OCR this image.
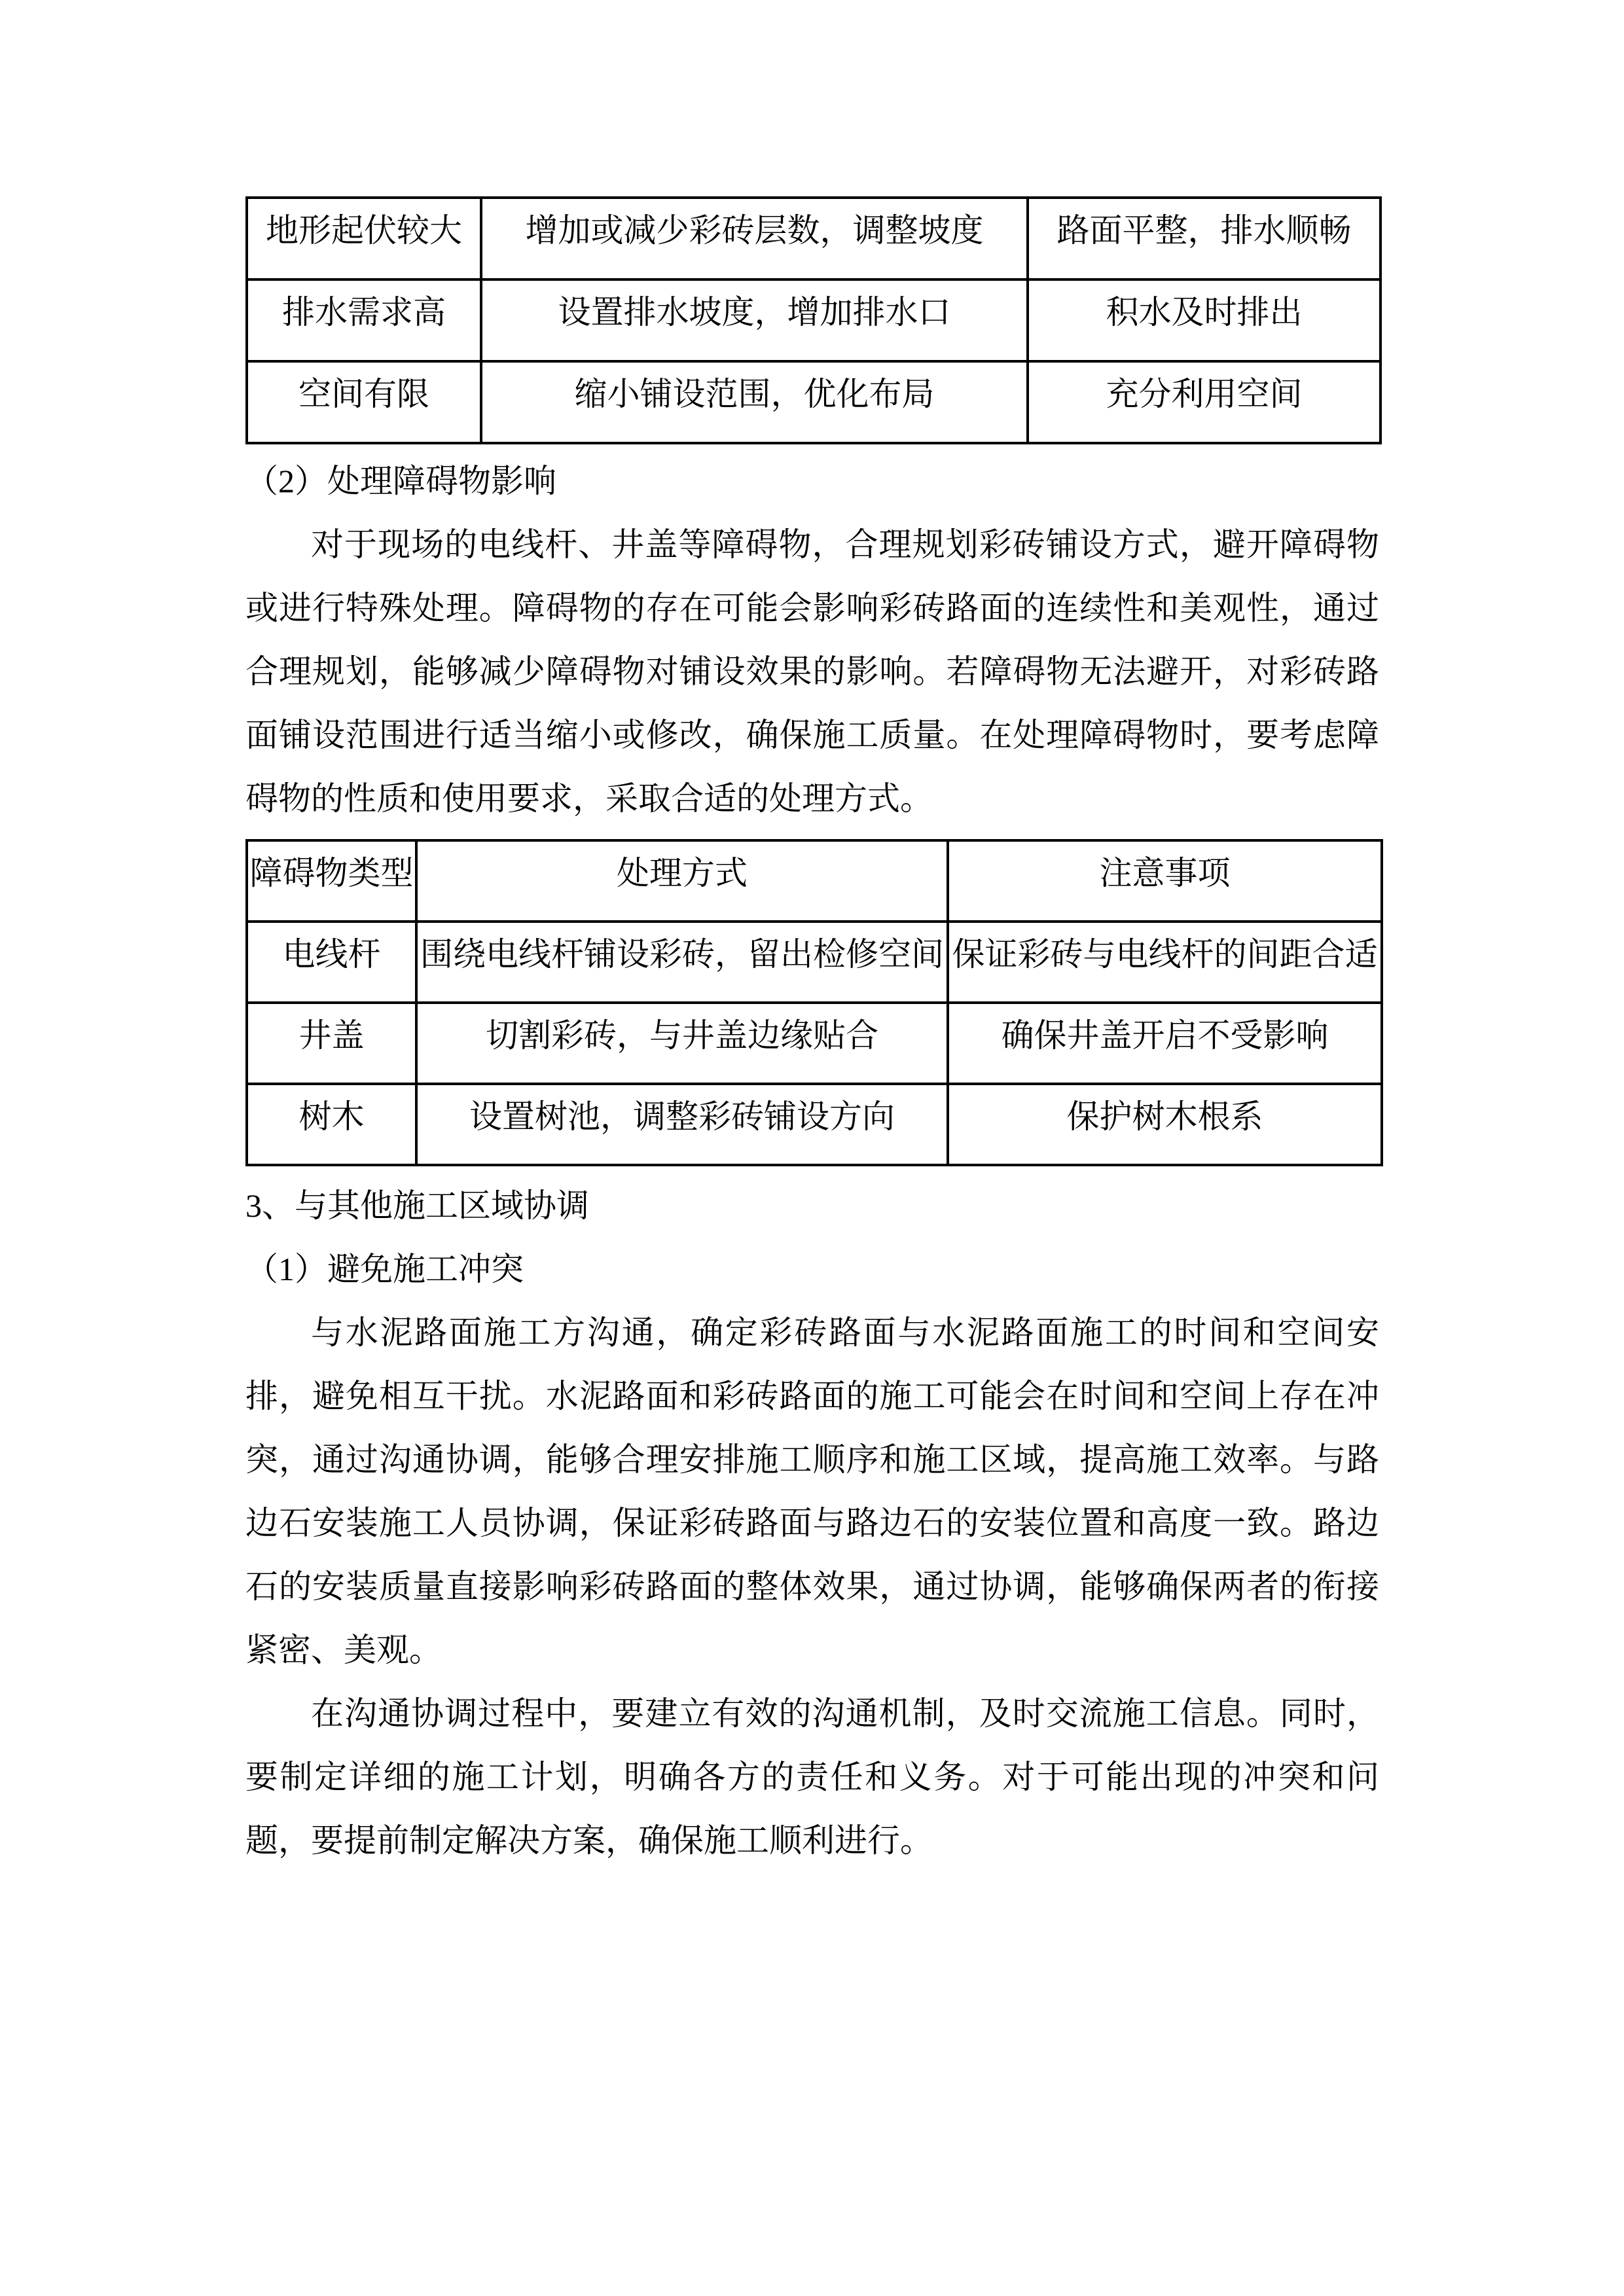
地形起伏较大	增加或减少彩砖层数，调整坡度	路面平整，排水顺畅
排水需求高	设置排水坡度，增加排水口	积水及时排出
空间有限	缩小铺设范围，优化布局	充分利用空间
（2）处理障碍物影响
对于现场的电线杆、井盖等障碍物，合理规划彩砖铺设方式，避开障碍物
或进行特殊处理。障碍物的存在可能会影响彩砖路面的连续性和美观性，通过
合理规划，能够减少障碍物对铺设效果的影响。若障碍物无法避开，对彩砖路
面铺设范围进行适当缩小或修改，确保施工质量。在处理障碍物时，要考虑障
碍物的性质和使用要求，采取合适的处理方式。
障碍物类型	处理方式	注意事项
电线杆	围绕电线杆铺设彩砖，留出检修空间	保证彩砖与电线杆的间距合适
井盖	切割彩砖，与井盖边缘贴合	确保井盖开启不受影响
树木	设置树池，调整彩砖铺设方向	保护树木根系
3、与其他施工区域协调
（1）避免施工冲突
与水泥路面施工方沟通，确定彩砖路面与水泥路面施工的时间和空间安
排，避免相互干扰。水泥路面和彩砖路面的施工可能会在时间和空间上存在冲
突，通过沟通协调，能够合理安排施工顺序和施工区域，提高施工效率。与路
边石安装施工人员协调，保证彩砖路面与路边石的安装位置和高度一致。路边
石的安装质量直接影响彩砖路面的整体效果，通过协调，能够确保两者的衔接
紧密、美观。
在沟通协调过程中，要建立有效的沟通机制，及时交流施工信息。同时，
要制定详细的施工计划，明确各方的责任和义务。对于可能出现的冲突和问
题，要提前制定解决方案，确保施工顺利进行。
